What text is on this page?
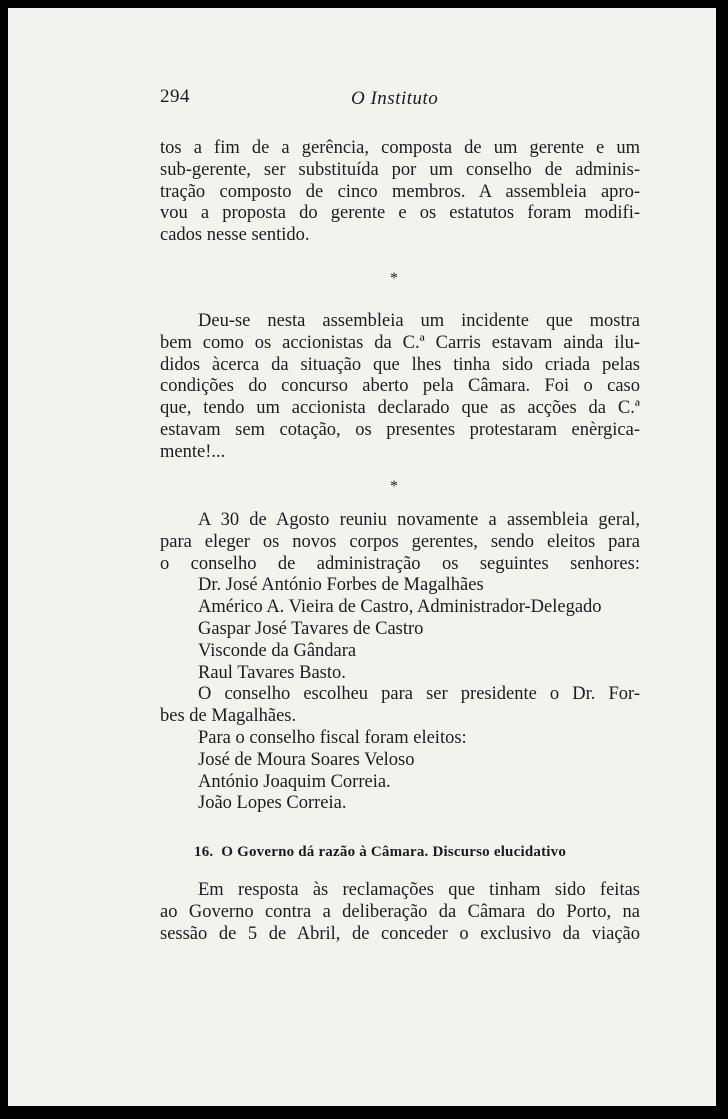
294	O Instituto
tos a fim de a gerência, composta de um gerente e um
sub-gerente, ser substituída por um conselho de adminis-
tração composto de cinco membros. A assembleia apro-
vou a proposta do gerente e os estatutos foram modifi-
cados nesse sentido.
*
Deu-se nesta assembleia um incidente que mostra
bem como os accionistas da C.ª Carris estavam ainda ilu-
didos àcerca da situação que lhes tinha sido criada pelas
condições do concurso aberto pela Câmara. Foi o caso
que, tendo um accionista declarado que as acções da C.ª
estavam sem cotação, os presentes protestaram enèrgica-
mente!...
*
A 30 de Agosto reuniu novamente a assembleia geral,
para eleger os novos corpos gerentes, sendo eleitos para
o conselho de administração os seguintes senhores:
Dr. José António Forbes de Magalhães
Américo A. Vieira de Castro, Administrador-Delegado
Gaspar José Tavares de Castro
Visconde da Gândara
Raul Tavares Basto.
O conselho escolheu para ser presidente o Dr. For-
bes de Magalhães.
Para o conselho fiscal foram eleitos:
José de Moura Soares Veloso
António Joaquim Correia.
João Lopes Correia.
16. O Governo dá razão à Câmara. Discurso elucidativo
Em resposta às reclamações que tinham sido feitas
ao Governo contra a deliberação da Câmara do Porto, na
sessão de 5 de Abril, de conceder o exclusivo da viação
